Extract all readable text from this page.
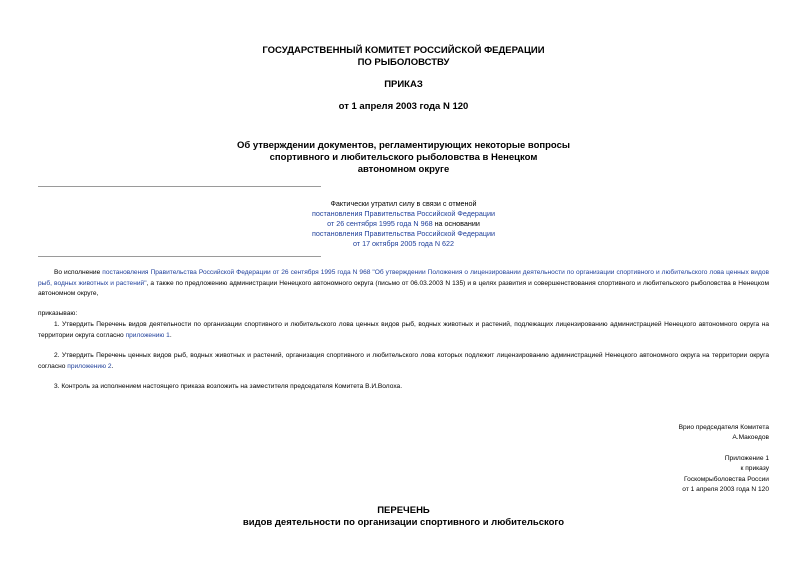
ГОСУДАРСТВЕННЫЙ КОМИТЕТ РОССИЙСКОЙ ФЕДЕРАЦИИ
ПО РЫБОЛОВСТВУ
ПРИКАЗ
от 1 апреля 2003 года N 120
Об утверждении документов, регламентирующих некоторые вопросы
спортивного и любительского рыболовства в Ненецком
автономном округе
Фактически утратил силу в связи с отменой
постановления Правительства Российской Федерации
от 26 сентября 1995 года N 968 на основании
постановления Правительства Российской Федерации
от 17 октября 2005 года N 622
Во исполнение постановления Правительства Российской Федерации от 26 сентября 1995 года N 968 "Об утверждении Положения о лицензировании деятельности по организации спортивного и любительского лова ценных видов рыб, водных животных и растений", а также по предложению администрации Ненецкого автономного округа (письмо от 06.03.2003 N 135) и в целях развития и совершенствования спортивного и любительского рыболовства в Ненецком автономном округе,
приказываю:
1. Утвердить Перечень видов деятельности по организации спортивного и любительского лова ценных видов рыб, водных животных и растений, подлежащих лицензированию администрацией Ненецкого автономного округа на территории округа согласно приложению 1.
2. Утвердить Перечень ценных видов рыб, водных животных и растений, организация спортивного и любительского лова которых подлежит лицензированию администрацией Ненецкого автономного округа на территории округа согласно приложению 2.
3. Контроль за исполнением настоящего приказа возложить на заместителя председателя Комитета В.И.Волоха.
Врио председателя Комитета
А.Макоедов
Приложение 1
к приказу
Госкомрыболовства России
от 1 апреля 2003 года N 120
ПЕРЕЧЕНЬ
видов деятельности по организации спортивного и любительского
